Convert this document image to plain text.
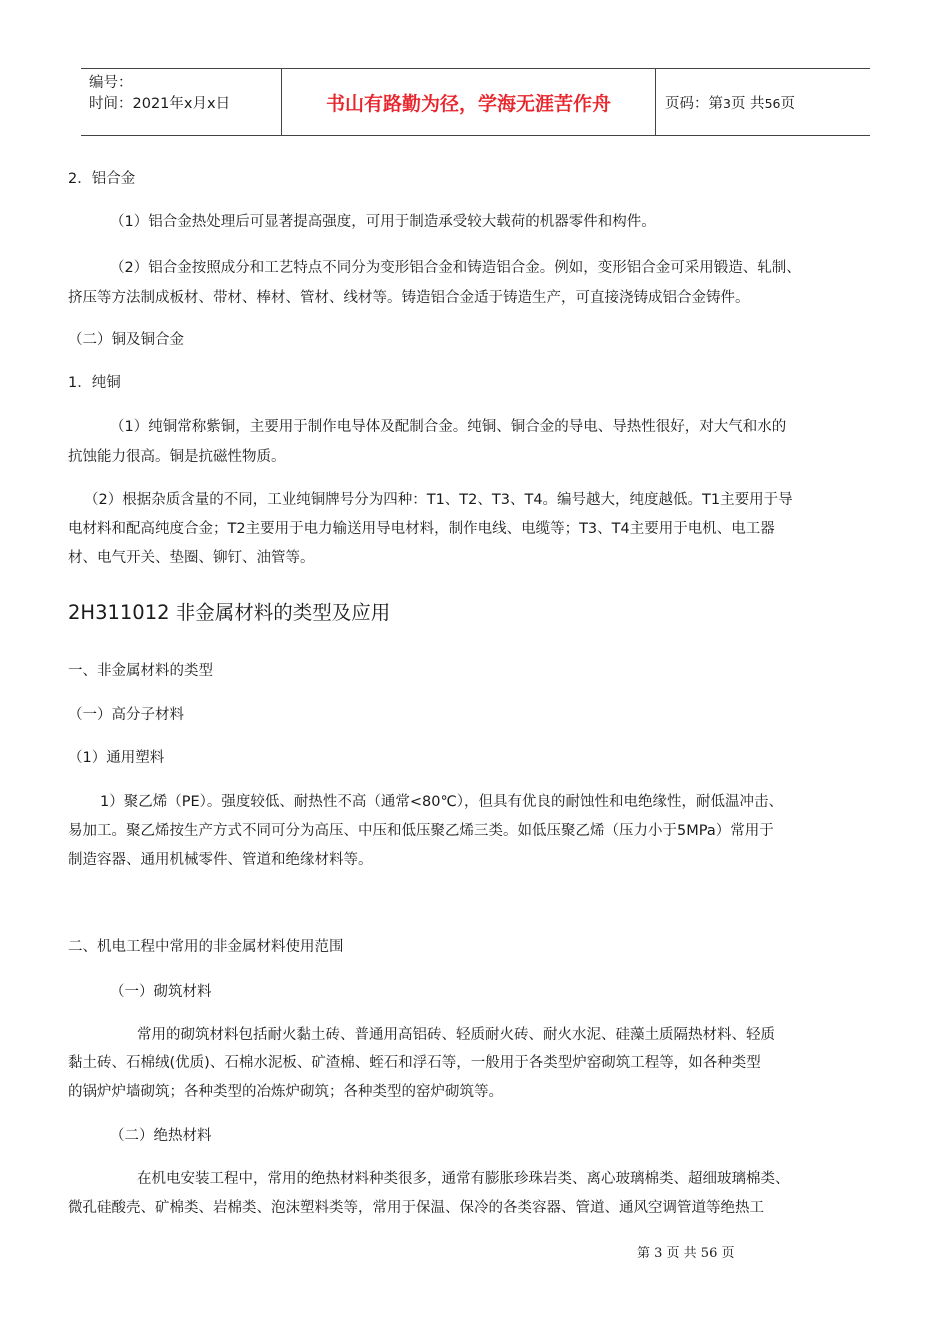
编号：
时间：2021年x月x日	书山有路勤为径，学海无涯苦作舟	页码：第3页 共56页
2．铝合金
（1）铝合金热处理后可显著提高强度，可用于制造承受较大载荷的机器零件和构件。
（2）铝合金按照成分和工艺特点不同分为变形铝合金和铸造铝合金。例如，变形铝合金可采用锻造、轧制、
挤压等方法制成板材、带材、棒材、管材、线材等。铸造铝合金适于铸造生产，可直接浇铸成铝合金铸件。
（二）铜及铜合金
1．纯铜
（1）纯铜常称紫铜，主要用于制作电导体及配制合金。纯铜、铜合金的导电、导热性很好，对大气和水的
抗蚀能力很高。铜是抗磁性物质。
（2）根据杂质含量的不同，工业纯铜牌号分为四种：T1、T2、T3、T4。编号越大，纯度越低。T1主要用于导
电材料和配高纯度合金；T2主要用于电力输送用导电材料，制作电线、电缆等；T3、T4主要用于电机、电工器
材、电气开关、垫圈、铆钉、油管等。
2H311012 非金属材料的类型及应用
一、非金属材料的类型
（一）高分子材料
（1）通用塑料
1）聚乙烯（PE）。强度较低、耐热性不高（通常<80℃），但具有优良的耐蚀性和电绝缘性，耐低温冲击、
易加工。聚乙烯按生产方式不同可分为高压、中压和低压聚乙烯三类。如低压聚乙烯（压力小于5MPa）常用于
制造容器、通用机械零件、管道和绝缘材料等。
二、机电工程中常用的非金属材料使用范围
（一）砌筑材料
常用的砌筑材料包括耐火黏土砖、普通用高铝砖、轻质耐火砖、耐火水泥、硅藻土质隔热材料、轻质
黏土砖、石棉绒(优质)、石棉水泥板、矿渣棉、蛭石和浮石等，一般用于各类型炉窑砌筑工程等，如各种类型
的锅炉炉墙砌筑；各种类型的冶炼炉砌筑；各种类型的窑炉砌筑等。
（二）绝热材料
在机电安装工程中，常用的绝热材料种类很多，通常有膨胀珍珠岩类、离心玻璃棉类、超细玻璃棉类、
微孔硅酸壳、矿棉类、岩棉类、泡沫塑料类等，常用于保温、保冷的各类容器、管道、通风空调管道等绝热工
第 3 页 共 56 页
